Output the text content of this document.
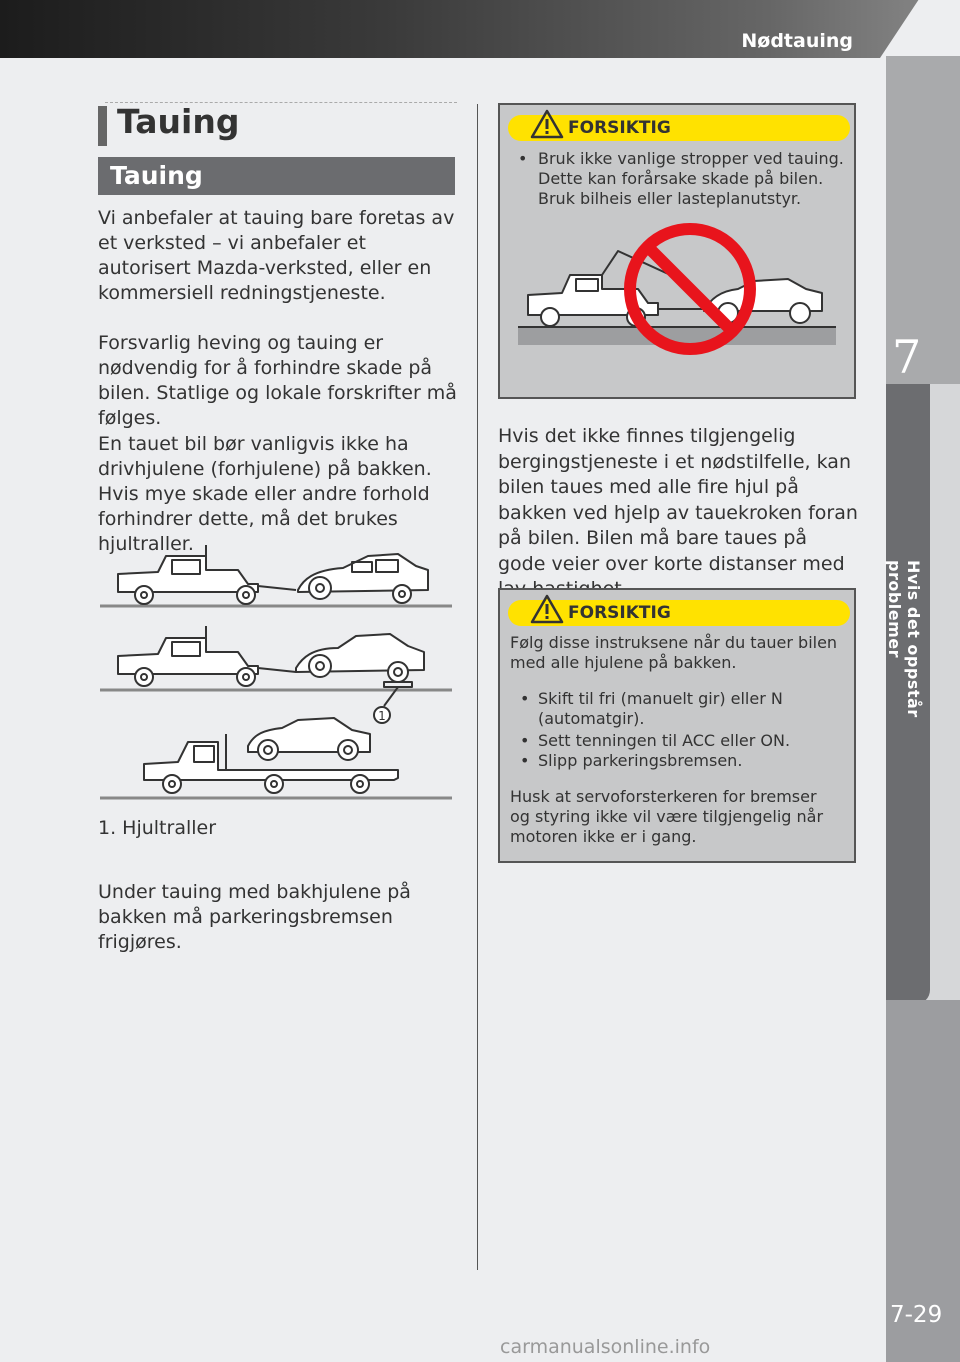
Nødtauing
7
Hvis det oppstår problemer
7-29
carmanualsonline.info
Tauing
Tauing

Vi anbefaler at tauing bare foretas av et verksted – vi anbefaler et autorisert Mazda-verksted, eller en kommersiell redningstjeneste.

Forsvarlig heving og tauing er nødvendig for å forhindre skade på bilen. Statlige og lokale forskrifter må følges.

En tauet bil bør vanligvis ikke ha drivhjulene (forhjulene) på bakken. Hvis mye skade eller andre forhold forhindrer dette, må det brukes hjultraller.

1

1. Hjultraller

Under tauing med bakhjulene på bakken må parkeringsbremsen frigjøres.

FORSIKTIG
• Bruk ikke vanlige stropper ved tauing. Dette kan forårsake skade på bilen. Bruk bilheis eller lasteplanutstyr.

Hvis det ikke finnes tilgjengelig bergingstjeneste i et nødstilfelle, kan bilen taues med alle fire hjul på bakken ved hjelp av tauekroken foran på bilen. Bilen må bare taues på gode veier over korte distanser med

FORSIKTIG
Følg disse instruksene når du tauer bilen med alle hjulene på bakken.
• Skift til fri (manuelt gir) eller N (automatgir).
• Sett tenningen til ACC eller ON.
• Slipp parkeringsbremsen.
Husk at servoforsterkeren for bremser og styring ikke vil være tilgjengelig når motoren ikke er i gang.
